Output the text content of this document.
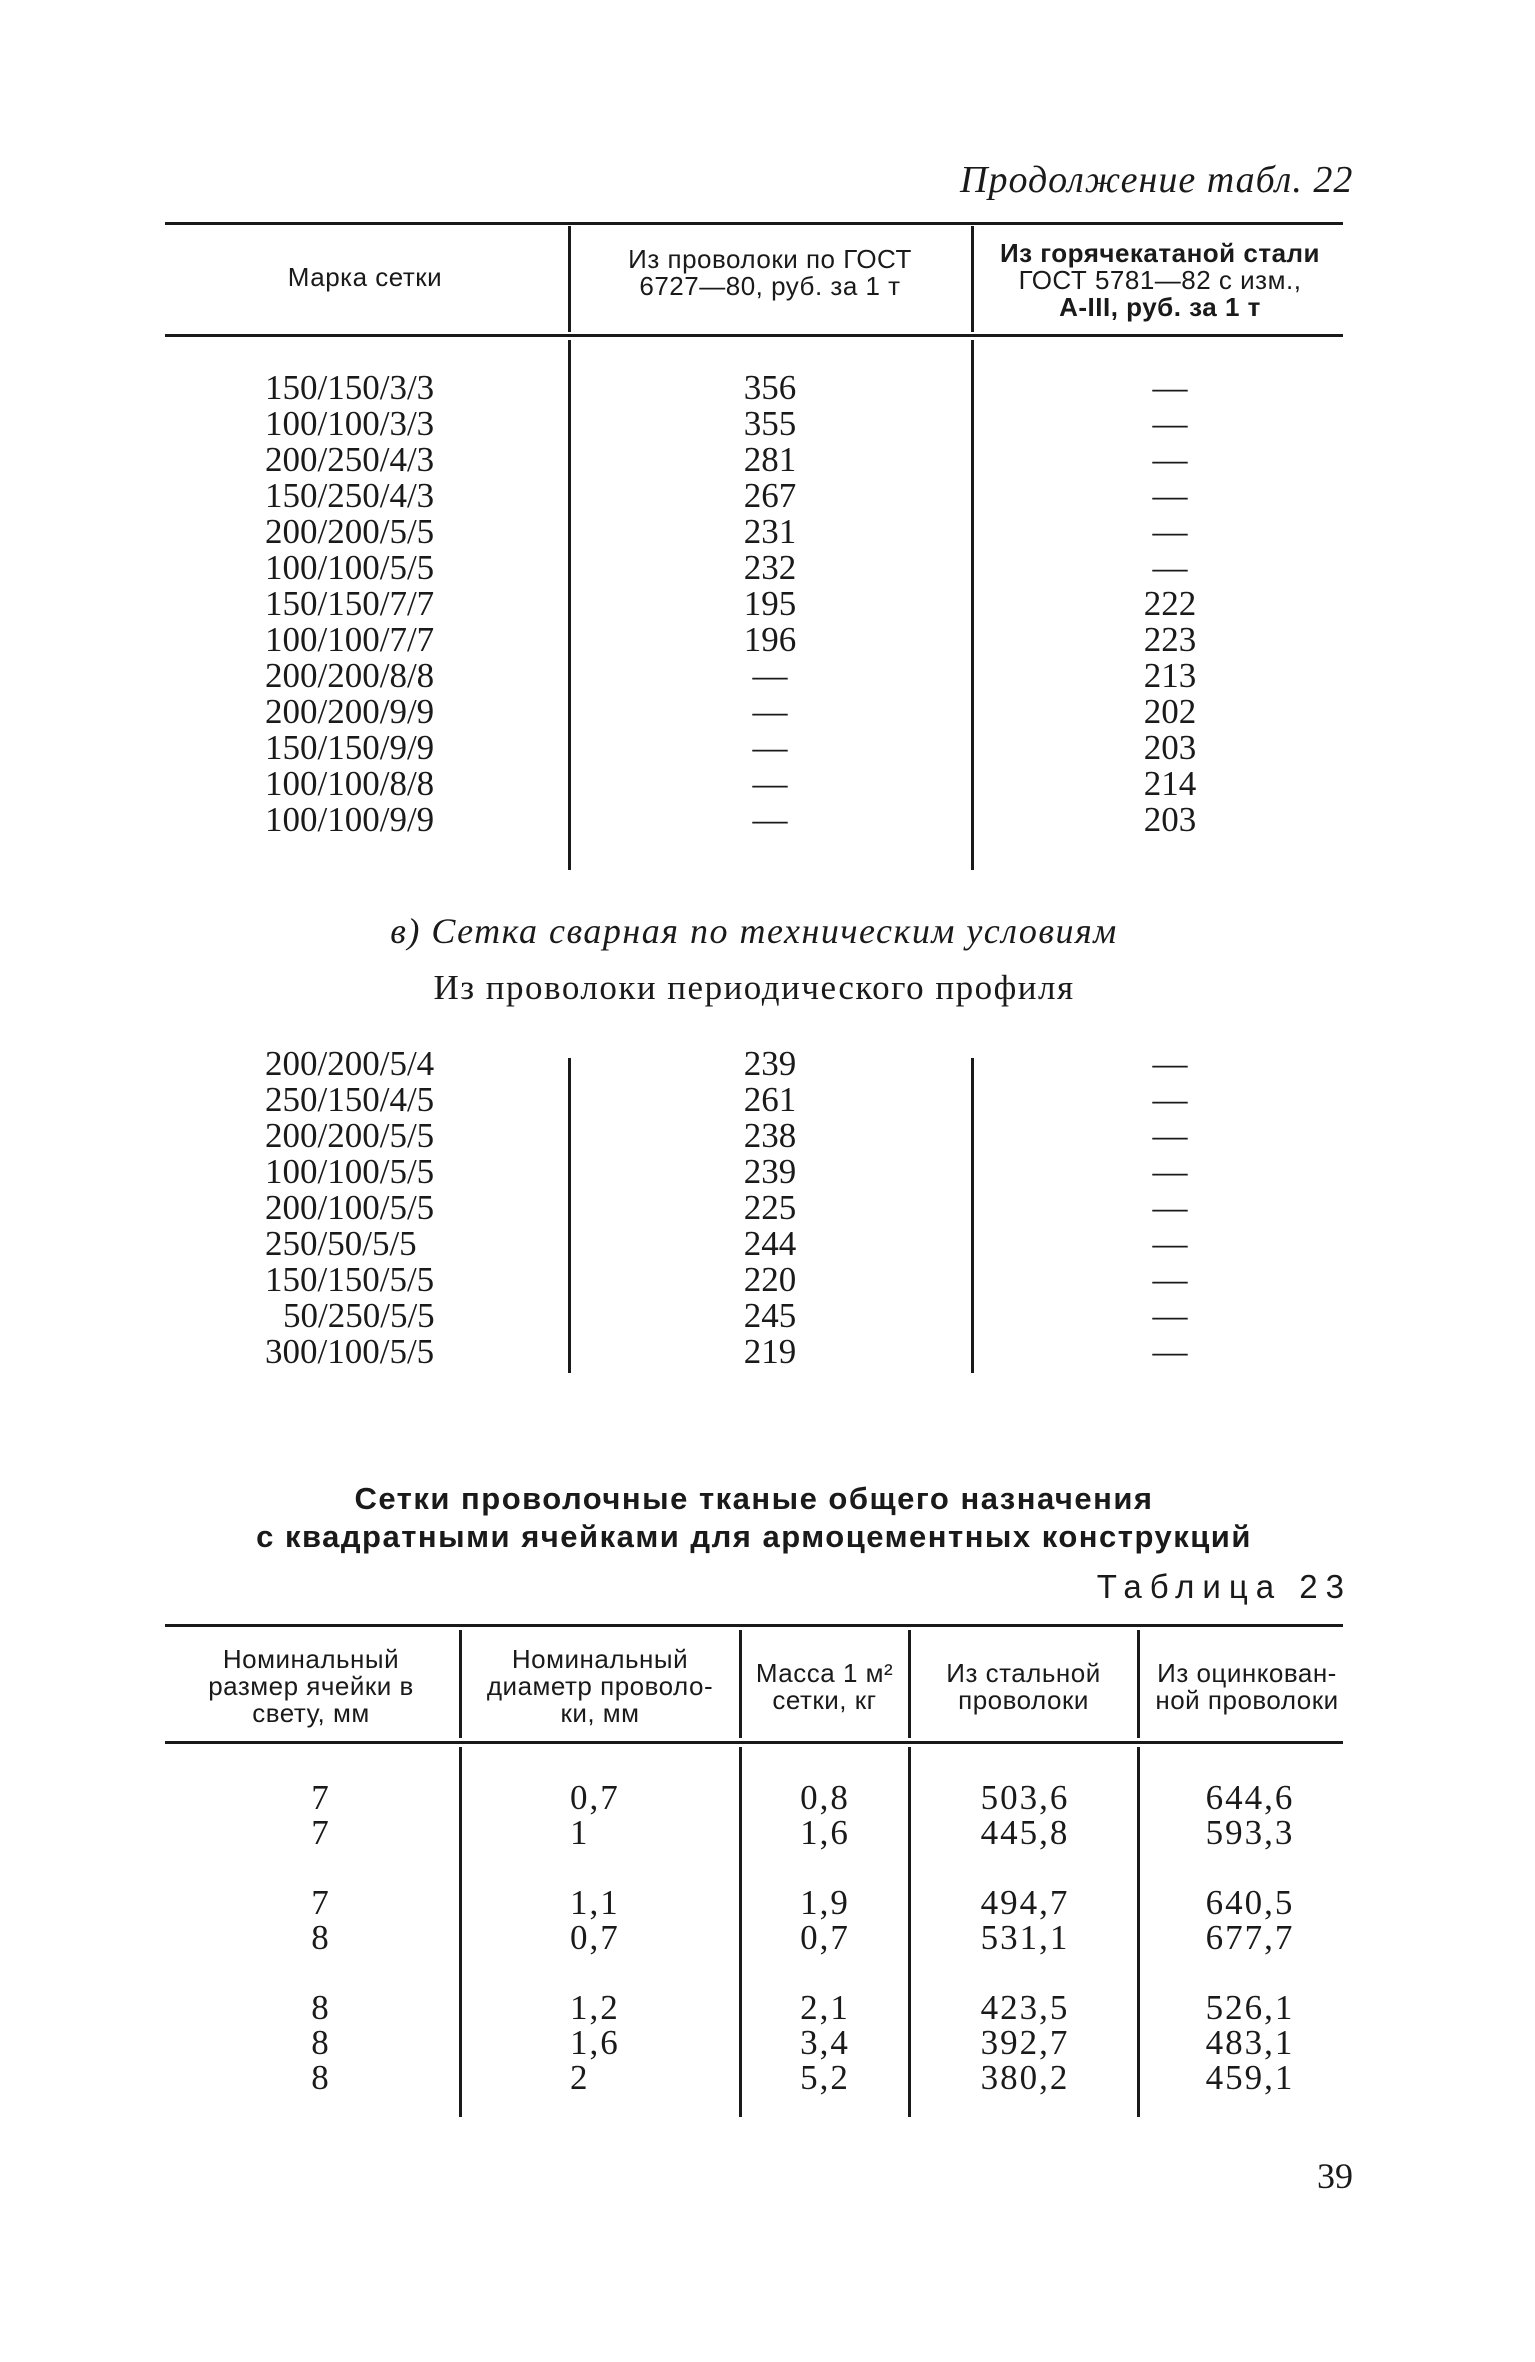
Продолжение табл. 22
Марка сетки
Из проволоки по ГОСТ
6727—80, руб. за 1 т
Из горячекатаной стали
ГОСТ 5781—82 с изм.,
А-III, руб. за 1 т
150/150/3/3
100/100/3/3
200/250/4/3
150/250/4/3
200/200/5/5
100/100/5/5
150/150/7/7
100/100/7/7
200/200/8/8
200/200/9/9
150/150/9/9
100/100/8/8
100/100/9/9
356
355
281
267
231
232
195
196
—
—
—
—
—
—
—
—
—
—
—
222
223
213
202
203
214
203
в) Сетка сварная по техническим условиям
Из проволоки периодического профиля
200/200/5/4
250/150/4/5
200/200/5/5
100/100/5/5
200/100/5/5
250/50/5/5
150/150/5/5
50/250/5/5
300/100/5/5
239
261
238
239
225
244
220
245
219
—
—
—
—
—
—
—
—
—
Сетки проволочные тканые общего назначения
с квадратными ячейками для армоцементных конструкций
Таблица 23
Номинальный
размер ячейки в
свету, мм
Номинальный
диаметр проволо-
ки, мм
Масса 1 м²
сетки, кг
Из стальной
проволоки
Из оцинкован-
ной проволоки
7
7
7
8
8
8
8
0,7
1
1,1
0,7
1,2
1,6
2
0,8
1,6
1,9
0,7
2,1
3,4
5,2
503,6
445,8
494,7
531,1
423,5
392,7
380,2
644,6
593,3
640,5
677,7
526,1
483,1
459,1
39
